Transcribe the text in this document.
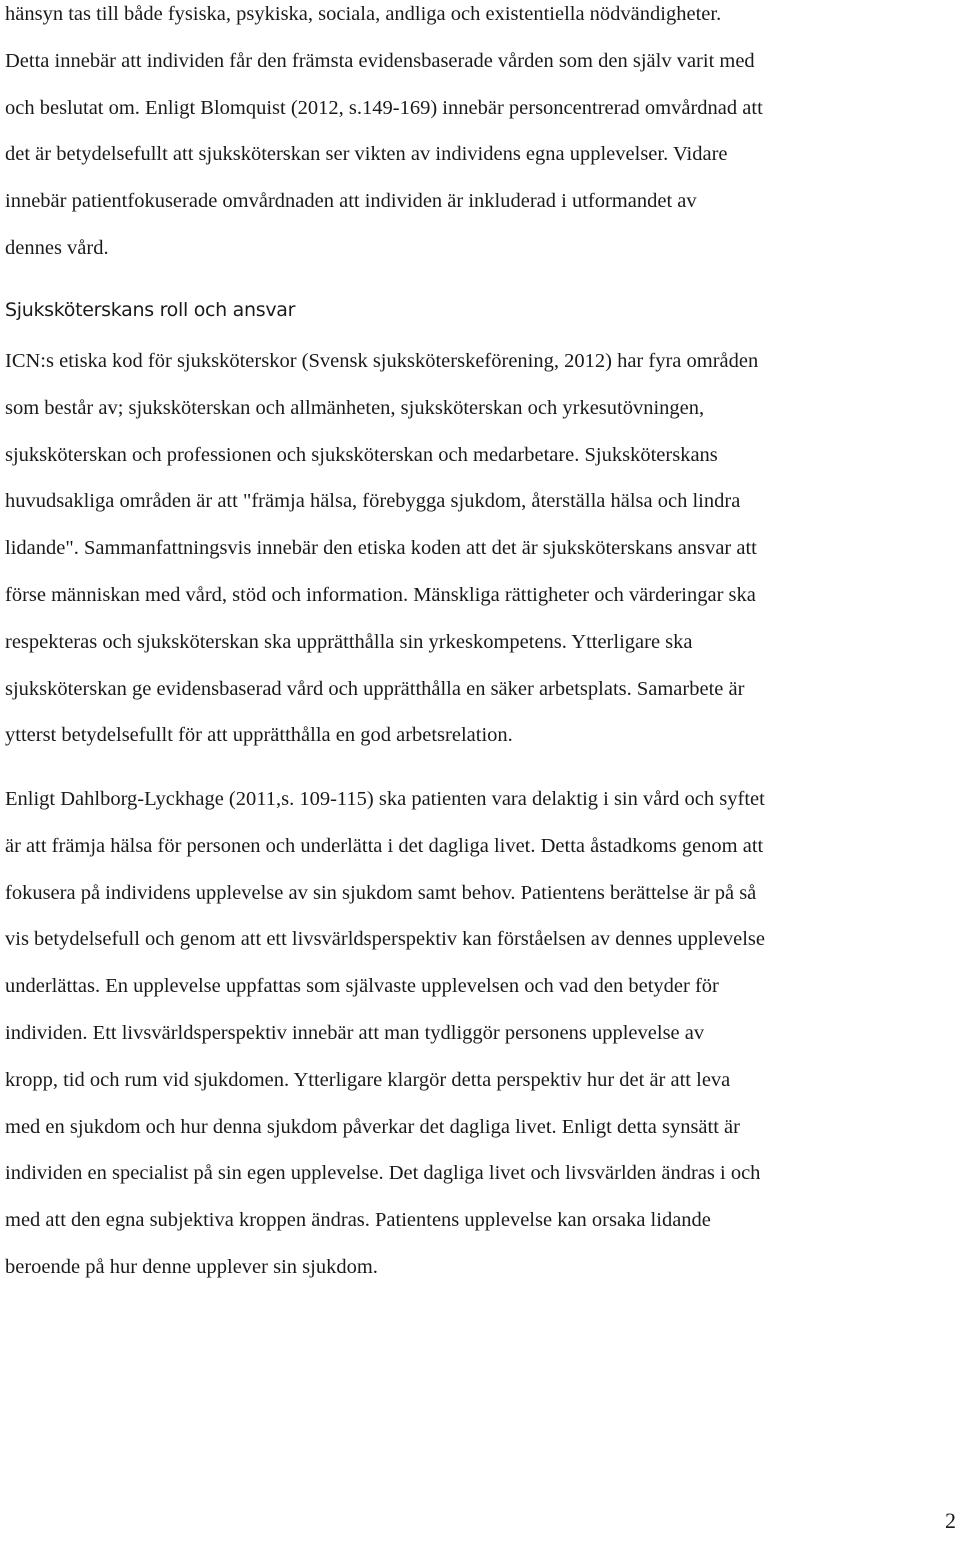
hänsyn tas till både fysiska, psykiska, sociala, andliga och existentiella nödvändigheter.
Detta innebär att individen får den främsta evidensbaserade vården som den själv varit med
och beslutat om. Enligt Blomquist (2012, s.149-169) innebär personcentrerad omvårdnad att
det är betydelsefullt att sjuksköterskan ser vikten av individens egna upplevelser. Vidare
innebär patientfokuserade omvårdnaden att individen är inkluderad i utformandet av
dennes vård.

Sjuksköterskans roll och ansvar

ICN:s etiska kod för sjuksköterskor (Svensk sjuksköterskeförening, 2012) har fyra områden
som består av; sjuksköterskan och allmänheten, sjuksköterskan och yrkesutövningen,
sjuksköterskan och professionen och sjuksköterskan och medarbetare. Sjuksköterskans
huvudsakliga områden är att "främja hälsa, förebygga sjukdom, återställa hälsa och lindra
lidande". Sammanfattningsvis innebär den etiska koden att det är sjuksköterskans ansvar att
förse människan med vård, stöd och information. Mänskliga rättigheter och värderingar ska
respekteras och sjuksköterskan ska upprätthålla sin yrkeskompetens. Ytterligare ska
sjuksköterskan ge evidensbaserad vård och upprätthålla en säker arbetsplats. Samarbete är
ytterst betydelsefullt för att upprätthålla en god arbetsrelation.

Enligt Dahlborg-Lyckhage (2011,s. 109-115) ska patienten vara delaktig i sin vård och syftet
är att främja hälsa för personen och underlätta i det dagliga livet. Detta åstadkoms genom att
fokusera på individens upplevelse av sin sjukdom samt behov. Patientens berättelse är på så
vis betydelsefull och genom att ett livsvärldsperspektiv kan förståelsen av dennes upplevelse
underlättas. En upplevelse uppfattas som självaste upplevelsen och vad den betyder för
individen. Ett livsvärldsperspektiv innebär att man tydliggör personens upplevelse av
kropp, tid och rum vid sjukdomen. Ytterligare klargör detta perspektiv hur det är att leva
med en sjukdom och hur denna sjukdom påverkar det dagliga livet. Enligt detta synsätt är
individen en specialist på sin egen upplevelse. Det dagliga livet och livsvärlden ändras i och
med att den egna subjektiva kroppen ändras. Patientens upplevelse kan orsaka lidande
beroende på hur denne upplever sin sjukdom.

2
